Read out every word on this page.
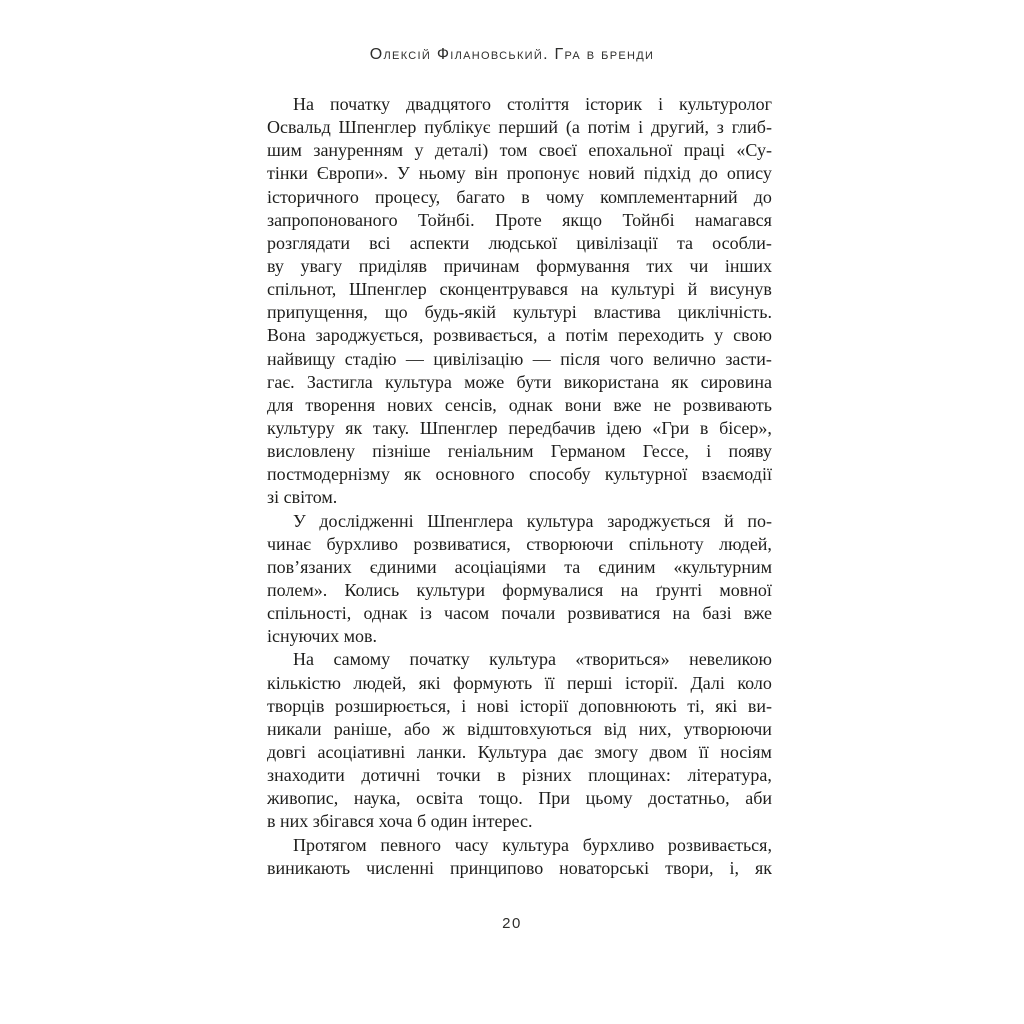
Олексій Філановський. Гра в бренди
На початку двадцятого століття історик і культуролог
Освальд Шпенглер публікує перший (а потім і другий, з глиб-
шим зануренням у деталі) том своєї епохальної праці «Су-
тінки Європи». У ньому він пропонує новий підхід до опису
історичного процесу, багато в чому комплементарний до
запропонованого Тойнбі. Проте якщо Тойнбі намагався
розглядати всі аспекти людської цивілізації та особли-
ву увагу приділяв причинам формування тих чи інших
спільнот, Шпенглер сконцентрувався на культурі й висунув
припущення, що будь-якій культурі властива циклічність.
Вона зароджується, розвивається, а потім переходить у свою
найвищу стадію — цивілізацію — після чого велично засти-
гає. Застигла культура може бути використана як сировина
для творення нових сенсів, однак вони вже не розвивають
культуру як таку. Шпенглер передбачив ідею «Гри в бісер»,
висловлену пізніше геніальним Германом Гессе, і появу
постмодернізму як основного способу культурної взаємодії
зі світом.
У дослідженні Шпенглера культура зароджується й по-
чинає бурхливо розвиватися, створюючи спільноту людей,
пов’язаних єдиними асоціаціями та єдиним «культурним
полем». Колись культури формувалися на ґрунті мовної
спільності, однак із часом почали розвиватися на базі вже
існуючих мов.
На самому початку культура «твориться» невеликою
кількістю людей, які формують її перші історії. Далі коло
творців розширюється, і нові історії доповнюють ті, які ви-
никали раніше, або ж відштовхуються від них, утворюючи
довгі асоціативні ланки. Культура дає змогу двом її носіям
знаходити дотичні точки в різних площинах: література,
живопис, наука, освіта тощо. При цьому достатньо, аби
в них збігався хоча б один інтерес.
Протягом певного часу культура бурхливо розвивається,
виникають численні принципово новаторські твори, і, як
20
